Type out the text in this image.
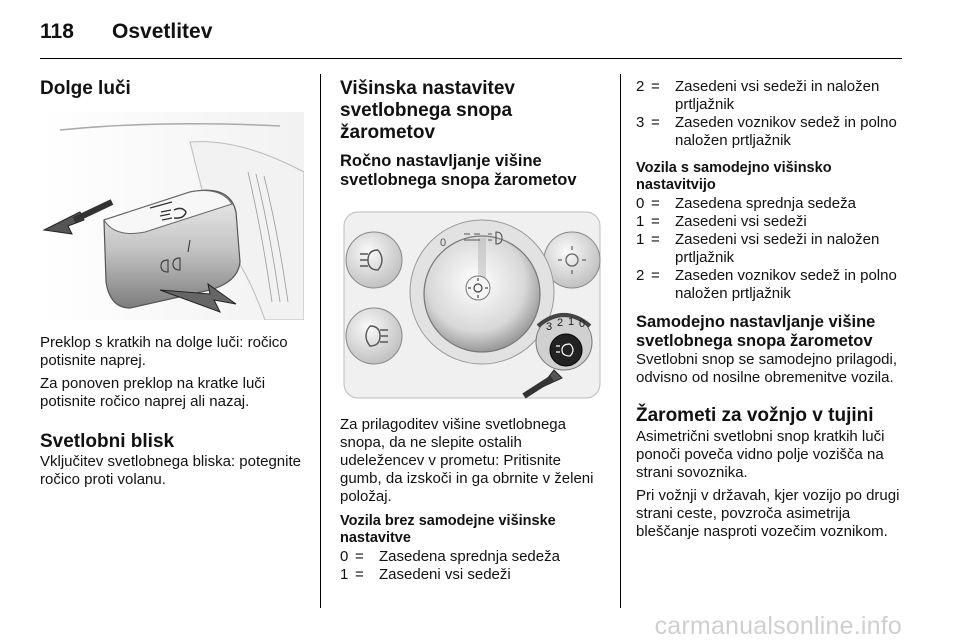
118 Osvetlitev
Dolge luči

Preklop s kratkih na dolge luči: ročico potisnite naprej.

Za ponoven preklop na kratke luči potisnite ročico naprej ali nazaj.

Svetlobni blisk

Vključitev svetlobnega bliska: potegnite ročico proti volanu.

Višinska nastavitev svetlobnega snopa žarometov
Ročno nastavljanje višine svetlobnega snopa žarometov
0
3 2 1 0

Za prilagoditev višine svetlobnega snopa, da ne slepite ostalih udeležencev v prometu: Pritisnite gumb, da izskoči in ga obrnite v želeni položaj.

Vozila brez samodejne višinske nastavitve
0 =	Zasedena sprednja sedeža
1 =	Zasedeni vsi sedeži
2 =	Zasedeni vsi sedeži in naložen prtljažnik
3 =	Zaseden voznikov sedež in polno naložen prtljažnik
Vozila s samodejno višinsko nastavitvijo
0 =	Zasedena sprednja sedeža
1 =	Zasedeni vsi sedeži
1 =	Zasedeni vsi sedeži in naložen prtljažnik
2 =	Zaseden voznikov sedež in polno naložen prtljažnik
Samodejno nastavljanje višine svetlobnega snopa žarometov

Svetlobni snop se samodejno prilagodi, odvisno od nosilne obremenitve vozila.

Žarometi za vožnjo v tujini

Asimetrični svetlobni snop kratkih luči ponoči poveča vidno polje vozišča na strani sovoznika.

Pri vožnji v državah, kjer vozijo po drugi strani ceste, povzroča asimetrija bleščanje nasproti vozečim voznikom.

carmanualsonline.info
